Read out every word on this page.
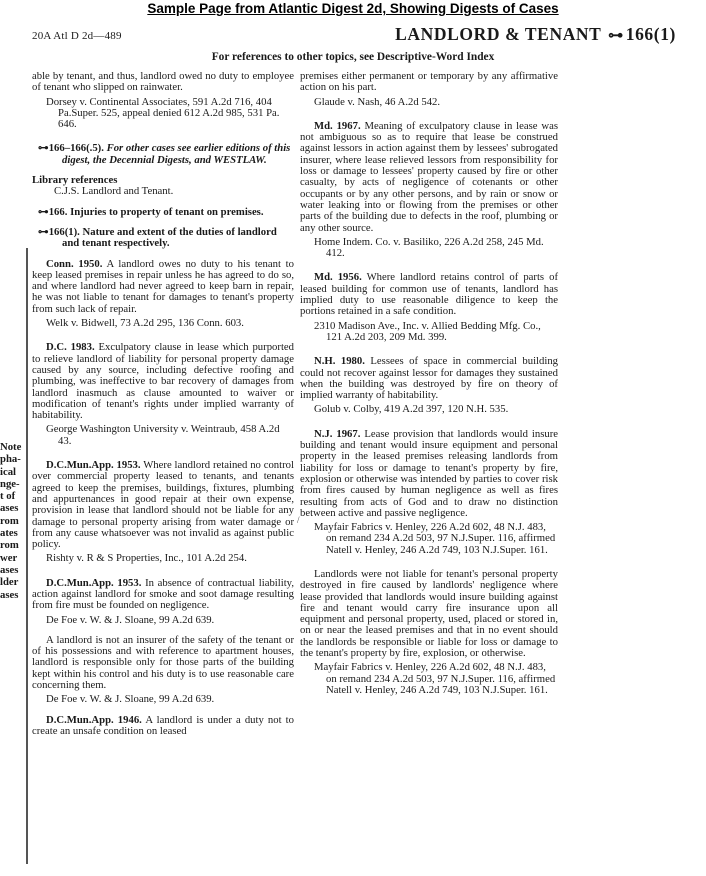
Sample Page from Atlantic Digest 2d, Showing Digests of Cases
20A Atl D 2d—489	LANDLORD & TENANT ⊶ 166(1)
For references to other topics, see Descriptive-Word Index
Note
pha-
ical
nge-
t of
ases
rom
ates
rom
wer
ases
lder
ases
/

able by tenant, and thus, landlord owed no duty to employee of tenant who slipped on rainwater.

Dorsey v. Continental Associates, 591 A.2d 716, 404 Pa.Super. 525, appeal denied 612 A.2d 985, 531 Pa. 646.

⊶166–166(.5). For other cases see earlier editions of this digest, the Decennial Digests, and WESTLAW.

Library references

C.J.S. Landlord and Tenant.

⊶166. Injuries to property of tenant on premises.

⊶166(1). Nature and extent of the duties of landlord and tenant respectively.

Conn. 1950. A landlord owes no duty to his tenant to keep leased premises in repair unless he has agreed to do so, and where landlord had never agreed to keep barn in repair, he was not liable to tenant for damages to tenant's property from such lack of repair.

Welk v. Bidwell, 73 A.2d 295, 136 Conn. 603.

D.C. 1983. Exculpatory clause in lease which purported to relieve landlord of liability for personal property damage caused by any source, including defective roofing and plumbing, was ineffective to bar recovery of damages from landlord inasmuch as clause amounted to waiver or modification of tenant's rights under implied warranty of habitability.

George Washington University v. Weintraub, 458 A.2d 43.

D.C.Mun.App. 1953. Where landlord retained no control over commercial property leased to tenants, and tenants agreed to keep the premises, buildings, fixtures, plumbing and appurtenances in good repair at their own expense, provision in lease that landlord should not be liable for any damage to personal property arising from water damage or from any cause whatsoever was not invalid as against public policy.

Rishty v. R & S Properties, Inc., 101 A.2d 254.

D.C.Mun.App. 1953. In absence of contractual liability, action against landlord for smoke and soot damage resulting from fire must be founded on negligence.

De Foe v. W. & J. Sloane, 99 A.2d 639.

A landlord is not an insurer of the safety of the tenant or of his possessions and with reference to apartment houses, landlord is responsible only for those parts of the building kept within his control and his duty is to use reasonable care concerning them.

De Foe v. W. & J. Sloane, 99 A.2d 639.

D.C.Mun.App. 1946. A landlord is under a duty not to create an unsafe condition on leased

premises either permanent or temporary by any affirmative action on his part.

Glaude v. Nash, 46 A.2d 542.

Md. 1967. Meaning of exculpatory clause in lease was not ambiguous so as to require that lease be construed against lessors in action against them by lessees' subrogated insurer, where lease relieved lessors from responsibility for loss or damage to lessees' property caused by fire or other casualty, by acts of negligence of cotenants or other occupants or by any other persons, and by rain or snow or water leaking into or flowing from the premises or other parts of the building due to defects in the roof, plumbing or any other source.

Home Indem. Co. v. Basiliko, 226 A.2d 258, 245 Md. 412.

Md. 1956. Where landlord retains control of parts of leased building for common use of tenants, landlord has implied duty to use reasonable diligence to keep the portions retained in a safe condition.

2310 Madison Ave., Inc. v. Allied Bedding Mfg. Co., 121 A.2d 203, 209 Md. 399.

N.H. 1980. Lessees of space in commercial building could not recover against lessor for damages they sustained when the building was destroyed by fire on theory of implied warranty of habitability.

Golub v. Colby, 419 A.2d 397, 120 N.H. 535.

N.J. 1967. Lease provision that landlords would insure building and tenant would insure equipment and personal property in the leased premises releasing landlords from liability for loss or damage to tenant's property by fire, explosion or otherwise was intended by parties to cover risk from fires caused by human negligence as well as fires resulting from acts of God and to draw no distinction between active and passive negligence.

Mayfair Fabrics v. Henley, 226 A.2d 602, 48 N.J. 483, on remand 234 A.2d 503, 97 N.J.Super. 116, affirmed Natell v. Henley, 246 A.2d 749, 103 N.J.Super. 161.

Landlords were not liable for tenant's personal property destroyed in fire caused by landlords' negligence where lease provided that landlords would insure building against fire and tenant would carry fire insurance upon all equipment and personal property, used, placed or stored in, on or near the leased premises and that in no event should the landlords be responsible or liable for loss or damage to the tenant's property by fire, explosion, or otherwise.

Mayfair Fabrics v. Henley, 226 A.2d 602, 48 N.J. 483, on remand 234 A.2d 503, 97 N.J.Super. 116, affirmed Natell v. Henley, 246 A.2d 749, 103 N.J.Super. 161.
